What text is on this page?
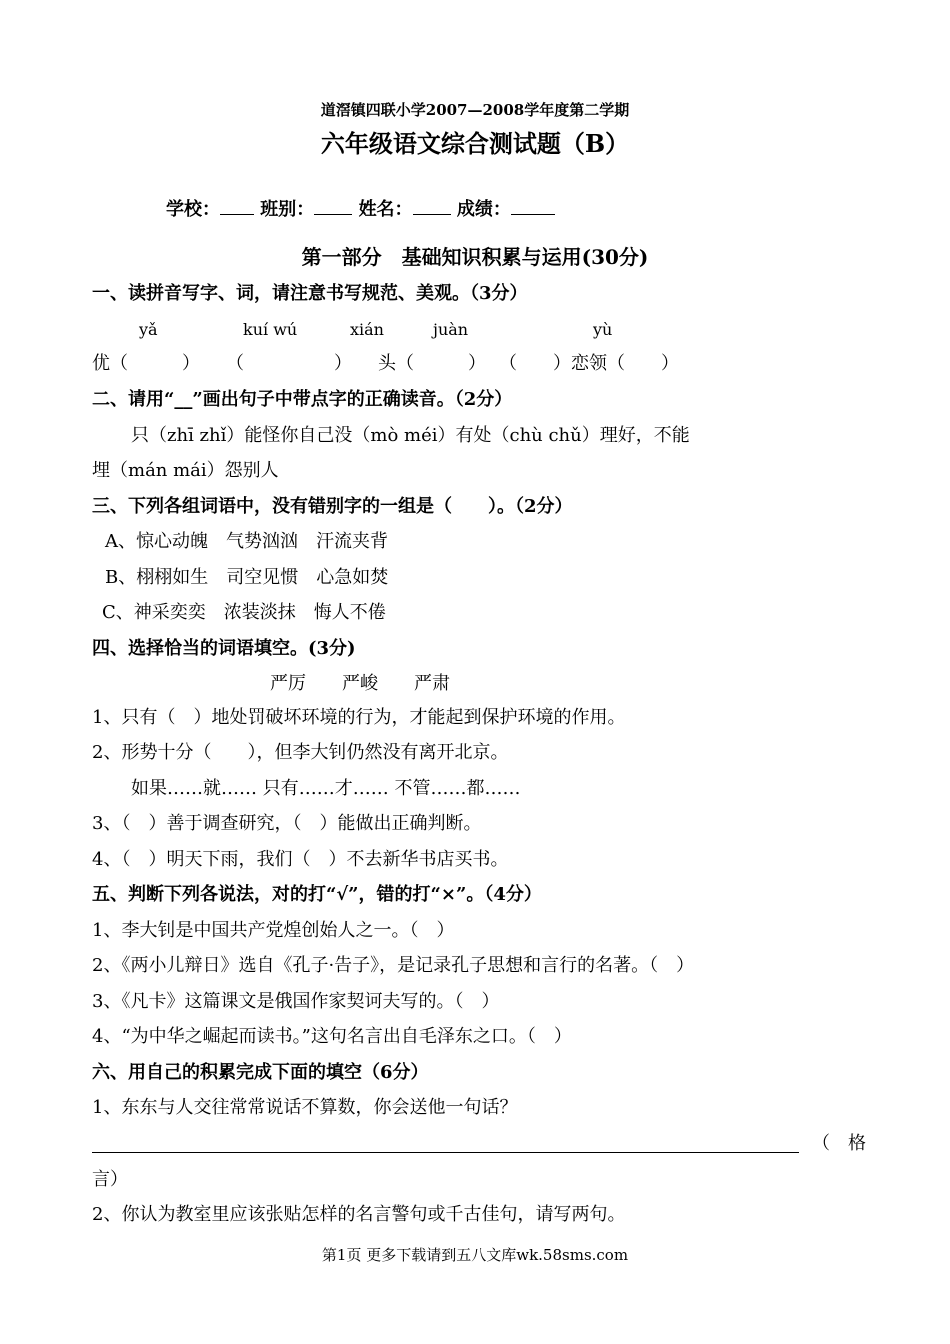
道滘镇四联小学2007—2008学年度第二学期
六年级语文综合测试题（B）
学校： 班别： 姓名： 成绩：
第一部分　基础知识积累与运用(30分)
一、读拼音写字、词，请注意书写规范、美观。（3分）
yǎ	kuí wú	xián	juàn	yù
优（　　　） （　　　　　） 头（　　　） （　　）恋 领（　　）
二、请用“__”画出句子中带点字的正确读音。（2分）
只（zhī zhǐ）能怪你自己没（mò méi）有处（chù chǔ）理好，不能
埋（mán mái）怨别人
三、下列各组词语中，没有错别字的一组是（　　）。（2分）
A、惊心动魄　气势汹汹　汗流夹背
B、栩栩如生　司空见惯　心急如焚
C、神采奕奕　浓装淡抹　悔人不倦
四、选择恰当的词语填空。(3分)
严厉　　严峻　　严肃
1、只有（　）地处罚破坏环境的行为，才能起到保护环境的作用。
2、形势十分（　　），但李大钊仍然没有离开北京。
如果……就…… 只有……才…… 不管……都……
3、（　）善于调查研究，（　）能做出正确判断。
4、（　）明天下雨，我们（　）不去新华书店买书。
五、判断下列各说法，对的打“√”，错的打“×”。（4分）
1、李大钊是中国共产党煌创始人之一。（　）
2、《两小儿辩日》选自《孔子·告子》，是记录孔子思想和言行的名著。（　）
3、《凡卡》这篇课文是俄国作家契诃夫写的。（　）
4、“为中华之崛起而读书。”这句名言出自毛泽东之口。（　）
六、用自己的积累完成下面的填空（6分）
1、东东与人交往常常说话不算数，你会送他一句话？
（　格
言）
2、你认为教室里应该张贴怎样的名言警句或千古佳句，请写两句。
第1页 更多下载请到五八文库wk.58sms.com
